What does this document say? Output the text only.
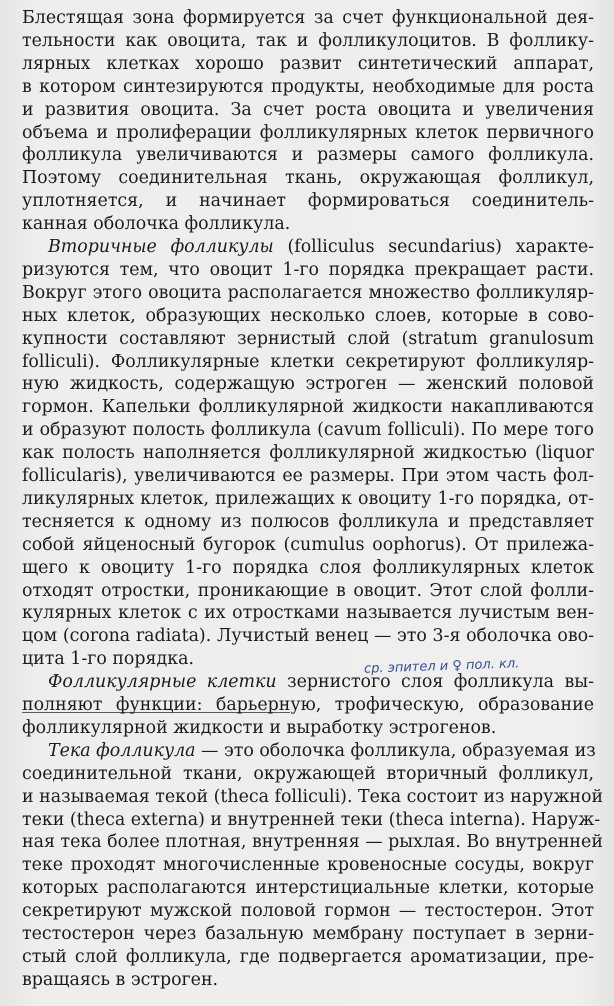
ср. эпител и ♀ пол. кл.
Блестящая зона формируется за счет функциональной дея-
тельности как овоцита, так и фолликулоцитов. В фоллику-
лярных клетках хорошо развит синтетический аппарат,
в котором синтезируются продукты, необходимые для роста
и развития овоцита. За счет роста овоцита и увеличения
объема и пролиферации фолликулярных клеток первичного
фолликула увеличиваются и размеры самого фолликула.
Поэтому соединительная ткань, окружающая фолликул,
уплотняется, и начинает формироваться соединитель-
канная оболочка фолликула.
Вторичные фолликулы (folliculus secundarius) характе-
ризуются тем, что овоцит 1-го порядка прекращает расти.
Вокруг этого овоцита располагается множество фолликуляр-
ных клеток, образующих несколько слоев, которые в сово-
купности составляют зернистый слой (stratum granulosum
folliculi). Фолликулярные клетки секретируют фолликуляр-
ную жидкость, содержащую эстроген — женский половой
гормон. Капельки фолликулярной жидкости накапливаются
и образуют полость фолликула (cavum folliculi). По мере того
как полость наполняется фолликулярной жидкостью (liquor
follicularis), увеличиваются ее размеры. При этом часть фол-
ликулярных клеток, прилежащих к овоциту 1-го порядка, от-
тесняется к одному из полюсов фолликула и представляет
собой яйценосный бугорок (cumulus oophorus). От прилежа-
щего к овоциту 1-го порядка слоя фолликулярных клеток
отходят отростки, проникающие в овоцит. Этот слой фолли-
кулярных клеток с их отростками называется лучистым вен-
цом (corona radiata). Лучистый венец — это 3-я оболочка ово-
цита 1-го порядка.
Фолликулярные клетки зернистого слоя фолликула вы-
полняют функции: барьерную, трофическую, образование
фолликулярной жидкости и выработку эстрогенов.
Тека фолликула — это оболочка фолликула, образуемая из
соединительной ткани, окружающей вторичный фолликул,
и называемая текой (theca folliculi). Тека состоит из наружной
теки (theca externa) и внутренней теки (theca interna). Наруж-
ная тека более плотная, внутренняя — рыхлая. Во внутренней
теке проходят многочисленные кровеносные сосуды, вокруг
которых располагаются интерстициальные клетки, которые
секретируют мужской половой гормон — тестостерон. Этот
тестостерон через базальную мембрану поступает в зерни-
стый слой фолликула, где подвергается ароматизации, пре-
вращаясь в эстроген.
